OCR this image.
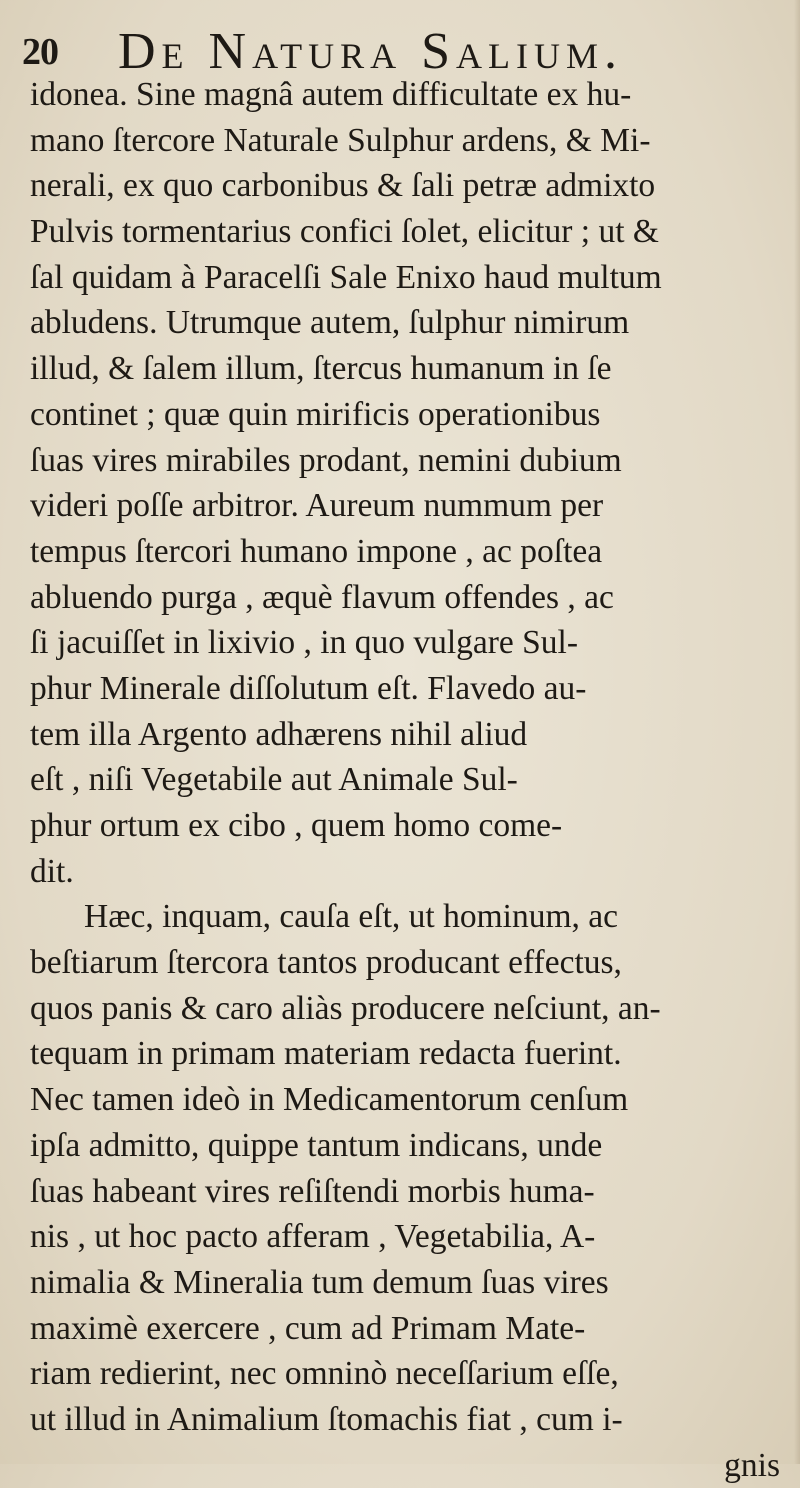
20 De Natura Salium.
idonea. Sine magnâ autem difficultate ex hu-
mano ſtercore Naturale Sulphur ardens, & Mi-
nerali, ex quo carbonibus & ſali petræ admixto
Pulvis tormentarius confici ſolet, elicitur ; ut &
ſal quidam à Paracelſi Sale Enixo haud multum
abludens. Utrumque autem, ſulphur nimirum
illud, & ſalem illum, ſtercus humanum in ſe
continet ; quæ quin mirificis operationibus
ſuas vires mirabiles prodant, nemini dubium
videri poſſe arbitror. Aureum nummum per
tempus ſtercori humano impone , ac poſtea
abluendo purga , æquè flavum offendes , ac
ſi jacuiſſet in lixivio , in quo vulgare Sul-
phur Minerale diſſolutum eſt. Flavedo au-
tem illa Argento adhærens nihil aliud
eſt , niſi Vegetabile aut Animale Sul-
phur ortum ex cibo , quem homo come-
dit.
Hæc, inquam, cauſa eſt, ut hominum, ac
beſtiarum ſtercora tantos producant effectus,
quos panis & caro aliàs producere neſciunt, an-
tequam in primam materiam redacta fuerint.
Nec tamen ideò in Medicamentorum cenſum
ipſa admitto, quippe tantum indicans, unde
ſuas habeant vires reſiſtendi morbis huma-
nis , ut hoc pacto afferam , Vegetabilia, A-
nimalia & Mineralia tum demum ſuas vires
maximè exercere , cum ad Primam Mate-
riam redierint, nec omninò neceſſarium eſſe,
ut illud in Animalium ſtomachis fiat , cum i-
gnis
